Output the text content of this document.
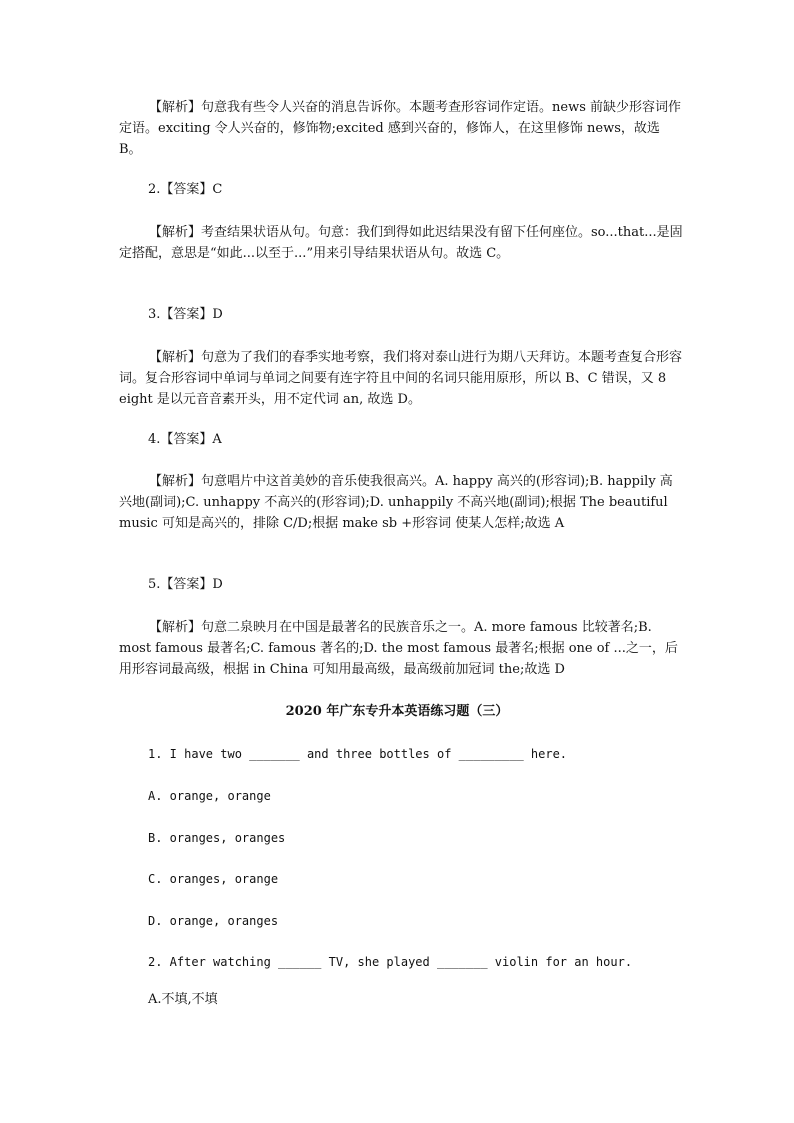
【解析】句意我有些令人兴奋的消息告诉你。本题考查形容词作定语。news 前缺少形容词作定语。exciting 令人兴奋的，修饰物;excited 感到兴奋的，修饰人，在这里修饰 news，故选 B。

2.【答案】C

【解析】考查结果状语从句。句意：我们到得如此迟结果没有留下任何座位。so...that...是固定搭配，意思是“如此...以至于...”用来引导结果状语从句。故选 C。

3.【答案】D

【解析】句意为了我们的春季实地考察，我们将对泰山进行为期八天拜访。本题考查复合形容词。复合形容词中单词与单词之间要有连字符且中间的名词只能用原形，所以 B、C 错误，又 8 eight 是以元音音素开头，用不定代词 an, 故选 D。

4.【答案】A

【解析】句意唱片中这首美妙的音乐使我很高兴。A. happy 高兴的(形容词);B. happily 高兴地(副词);C. unhappy 不高兴的(形容词);D. unhappily 不高兴地(副词);根据 The beautiful music 可知是高兴的，排除 C/D;根据 make sb +形容词 使某人怎样;故选 A

5.【答案】D

【解析】句意二泉映月在中国是最著名的民族音乐之一。A. more famous 比较著名;B. most famous 最著名;C. famous 著名的;D. the most famous 最著名;根据 one of ...之一，后用形容词最高级，根据 in China 可知用最高级，最高级前加冠词 the;故选 D

2020 年广东专升本英语练习题（三）

1. I have two _______ and three bottles of _________ here.

A. orange, orange

B. oranges, oranges

C. oranges, orange

D. orange, oranges

2. After watching ______ TV, she played _______ violin for an hour.

A.不填,不填
